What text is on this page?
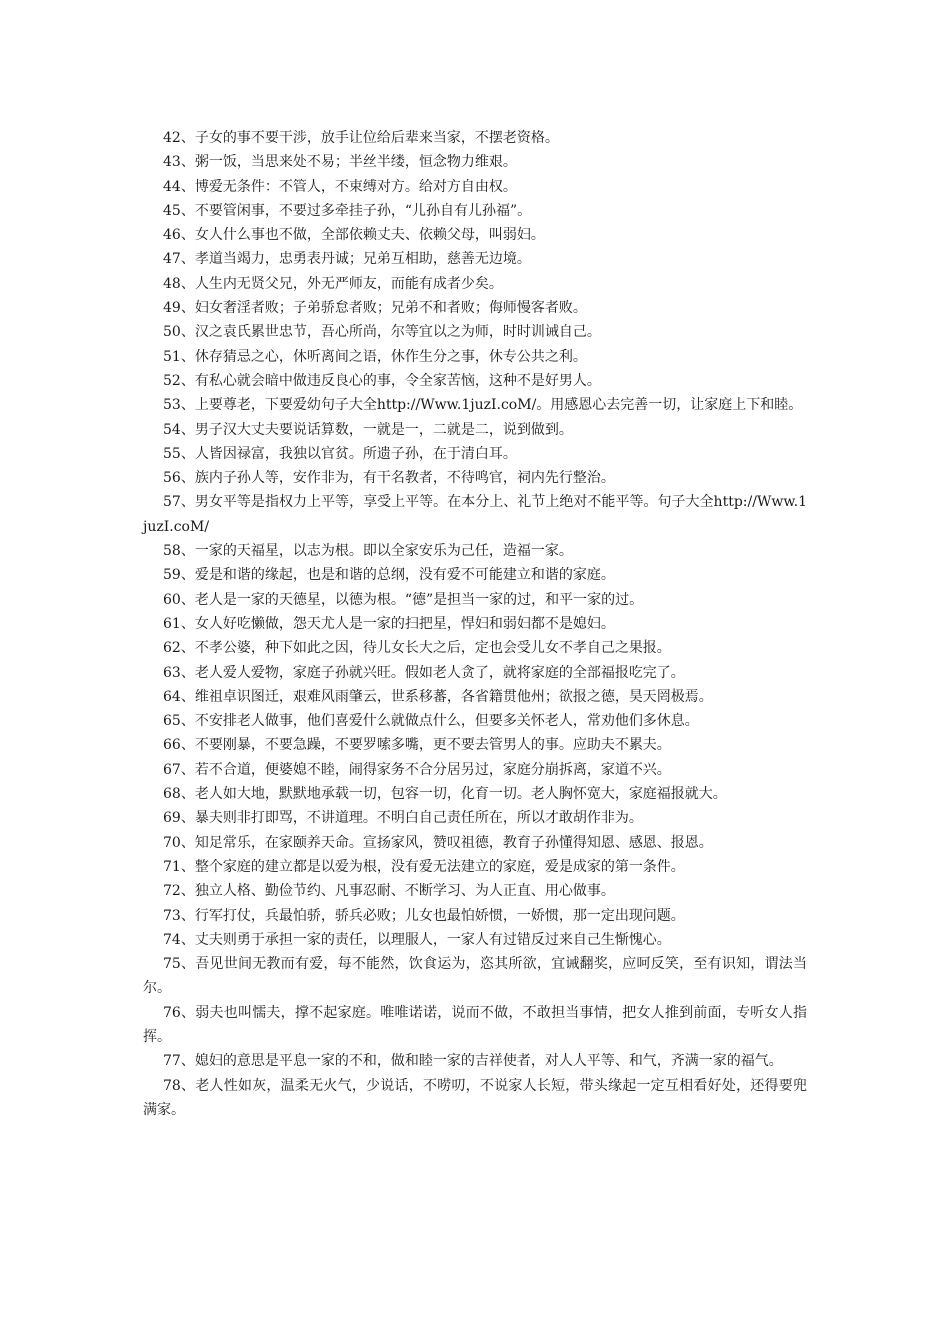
42、子女的事不要干涉，放手让位给后辈来当家，不摆老资格。

43、粥一饭，当思来处不易；半丝半缕，恒念物力维艰。

44、博爱无条件：不管人，不束缚对方。给对方自由权。

45、不要管闲事，不要过多牵挂子孙，“儿孙自有儿孙福”。

46、女人什么事也不做，全部依赖丈夫、依赖父母，叫弱妇。

47、孝道当竭力，忠勇表丹诚；兄弟互相助，慈善无边境。

48、人生内无贤父兄，外无严师友，而能有成者少矣。

49、妇女奢淫者败；子弟骄怠者败；兄弟不和者败；侮师慢客者败。

50、汉之袁氏累世忠节，吾心所尚，尔等宜以之为师，时时训诫自己。

51、休存猜忌之心，休听离间之语，休作生分之事，休专公共之利。

52、有私心就会暗中做违反良心的事，令全家苦恼，这种不是好男人。

53、上要尊老，下要爱幼句子大全http://Www.1juzI.coM/。用感恩心去完善一切，让家庭上下和睦。

54、男子汉大丈夫要说话算数，一就是一，二就是二，说到做到。

55、人皆因禄富，我独以官贫。所遗子孙，在于清白耳。

56、族内子孙人等，安作非为，有干名教者，不待鸣官，祠内先行整治。

57、男女平等是指权力上平等，享受上平等。在本分上、礼节上绝对不能平等。句子大全http://Www.1juzI.coM/

58、一家的天福星，以志为根。即以全家安乐为己任，造福一家。

59、爱是和谐的缘起，也是和谐的总纲，没有爱不可能建立和谐的家庭。

60、老人是一家的天德星，以德为根。“德”是担当一家的过，和平一家的过。

61、女人好吃懒做，怨天尤人是一家的扫把星，悍妇和弱妇都不是媳妇。

62、不孝公婆，种下如此之因，待儿女长大之后，定也会受儿女不孝自己之果报。

63、老人爱人爱物，家庭子孙就兴旺。假如老人贪了，就将家庭的全部福报吃完了。

64、维祖卓识图迁，艰难风雨肇云，世系移蕃，各省籍贯他州；欲报之德，昊天罔极焉。

65、不安排老人做事，他们喜爱什么就做点什么，但要多关怀老人，常劝他们多休息。

66、不要刚暴，不要急躁，不要罗嗦多嘴，更不要去管男人的事。应助夫不累夫。

67、若不合道，便婆媳不睦，闹得家务不合分居另过，家庭分崩拆离，家道不兴。

68、老人如大地，默默地承载一切，包容一切，化育一切。老人胸怀宽大，家庭福报就大。

69、暴夫则非打即骂，不讲道理。不明白自己责任所在，所以才敢胡作非为。

70、知足常乐，在家颐养天命。宣扬家风，赞叹祖德，教育子孙懂得知恩、感恩、报恩。

71、整个家庭的建立都是以爱为根，没有爱无法建立的家庭，爱是成家的第一条件。

72、独立人格、勤俭节约、凡事忍耐、不断学习、为人正直、用心做事。

73、行军打仗，兵最怕骄，骄兵必败；儿女也最怕娇惯，一娇惯，那一定出现问题。

74、丈夫则勇于承担一家的责任，以理服人，一家人有过错反过来自己生惭愧心。

75、吾见世间无教而有爱，每不能然，饮食运为，恣其所欲，宜诫翻奖，应呵反笑，至有识知，谓法当尔。

76、弱夫也叫懦夫，撑不起家庭。唯唯诺诺，说而不做，不敢担当事情，把女人推到前面，专听女人指挥。

77、媳妇的意思是平息一家的不和，做和睦一家的吉祥使者，对人人平等、和气，齐满一家的福气。

78、老人性如灰，温柔无火气，少说话，不唠叨，不说家人长短，带头缘起一定互相看好处，还得要兜满家。
